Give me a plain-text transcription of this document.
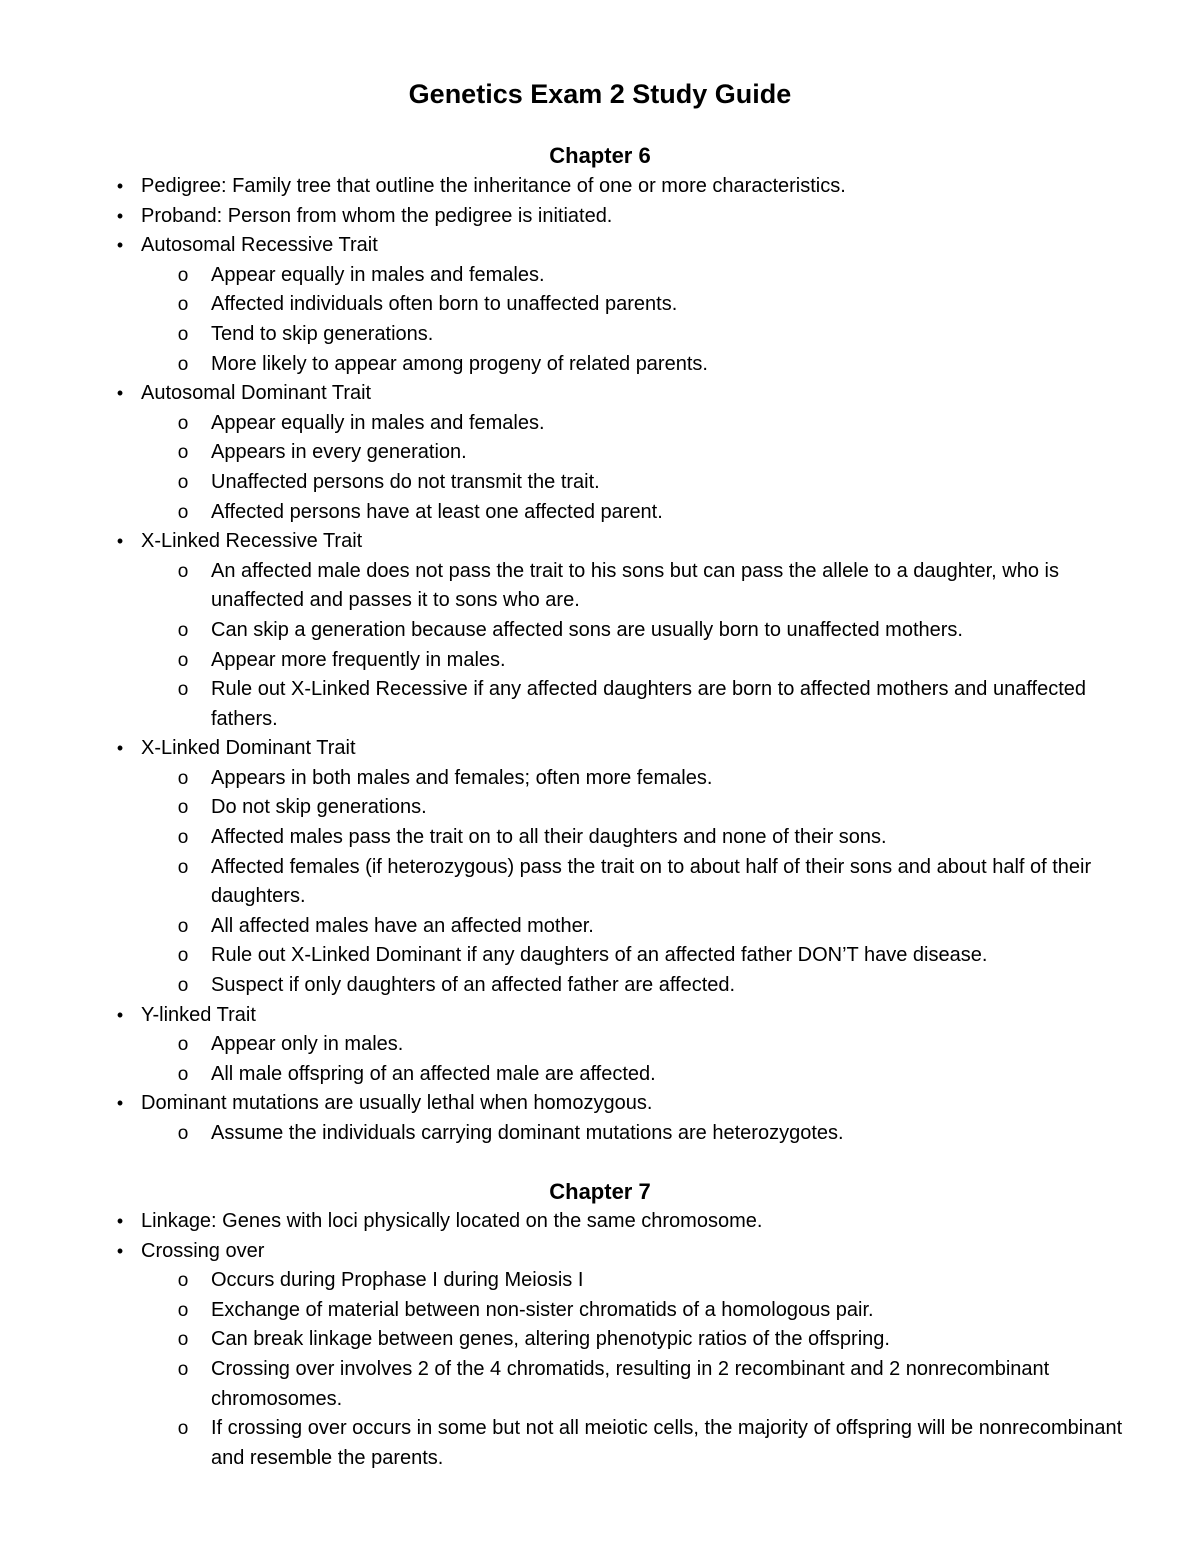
Genetics Exam 2 Study Guide
Chapter 6
• Pedigree: Family tree that outline the inheritance of one or more characteristics.
• Proband: Person from whom the pedigree is initiated.
• Autosomal Recessive Trait
o Appear equally in males and females.
o Affected individuals often born to unaffected parents.
o Tend to skip generations.
o More likely to appear among progeny of related parents.
• Autosomal Dominant Trait
o Appear equally in males and females.
o Appears in every generation.
o Unaffected persons do not transmit the trait.
o Affected persons have at least one affected parent.
• X-Linked Recessive Trait
o An affected male does not pass the trait to his sons but can pass the allele to a daughter, who is unaffected and passes it to sons who are.
o Can skip a generation because affected sons are usually born to unaffected mothers.
o Appear more frequently in males.
o Rule out X-Linked Recessive if any affected daughters are born to affected mothers and unaffected fathers.
• X-Linked Dominant Trait
o Appears in both males and females; often more females.
o Do not skip generations.
o Affected males pass the trait on to all their daughters and none of their sons.
o Affected females (if heterozygous) pass the trait on to about half of their sons and about half of their daughters.
o All affected males have an affected mother.
o Rule out X-Linked Dominant if any daughters of an affected father DON’T have disease.
o Suspect if only daughters of an affected father are affected.
• Y-linked Trait
o Appear only in males.
o All male offspring of an affected male are affected.
• Dominant mutations are usually lethal when homozygous.
o Assume the individuals carrying dominant mutations are heterozygotes.
Chapter 7
• Linkage: Genes with loci physically located on the same chromosome.
• Crossing over
o Occurs during Prophase I during Meiosis I
o Exchange of material between non-sister chromatids of a homologous pair.
o Can break linkage between genes, altering phenotypic ratios of the offspring.
o Crossing over involves 2 of the 4 chromatids, resulting in 2 recombinant and 2 nonrecombinant chromosomes.
o If crossing over occurs in some but not all meiotic cells, the majority of offspring will be nonrecombinant and resemble the parents.
